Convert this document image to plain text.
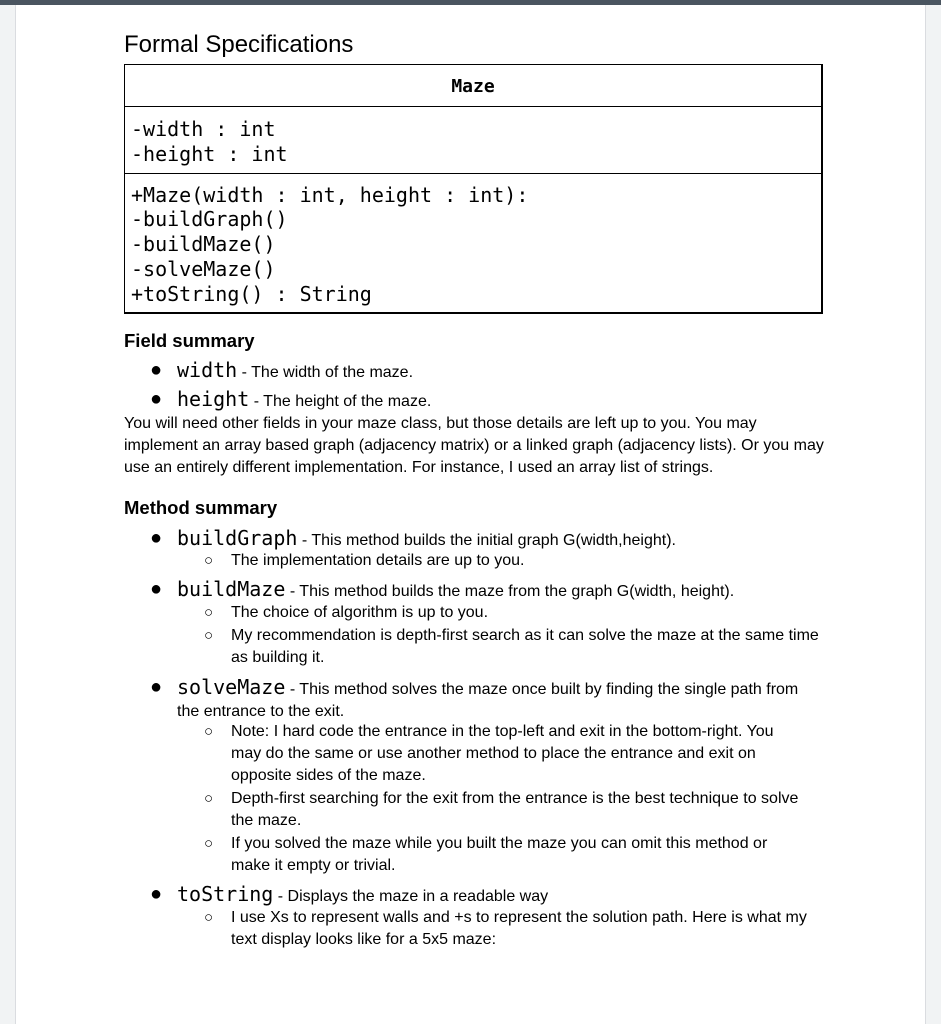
Formal Specifications
Maze
-width : int
-height : int
+Maze(width : int, height : int):
-buildGraph()
-buildMaze()
-solveMaze()
+toString() : String
Field summary
● width - The width of the maze.
● height - The height of the maze.

You will need other fields in your maze class, but those details are left up to you. You may implement an array based graph (adjacency matrix) or a linked graph (adjacency lists). Or you may use an entirely different implementation. For instance, I used an array list of strings.

Method summary
● buildGraph - This method builds the initial graph G(width,height).
○ The implementation details are up to you.
● buildMaze - This method builds the maze from the graph G(width, height).
○ The choice of algorithm is up to you.
○ My recommendation is depth-first search as it can solve the maze at the same time as building it.
● solveMaze - This method solves the maze once built by finding the single path from the entrance to the exit.
○ Note: I hard code the entrance in the top-left and exit in the bottom-right. You may do the same or use another method to place the entrance and exit on opposite sides of the maze.
○ Depth-first searching for the exit from the entrance is the best technique to solve the maze.
○ If you solved the maze while you built the maze you can omit this method or make it empty or trivial.
● toString - Displays the maze in a readable way
○ I use Xs to represent walls and +s to represent the solution path. Here is what my text display looks like for a 5x5 maze:
